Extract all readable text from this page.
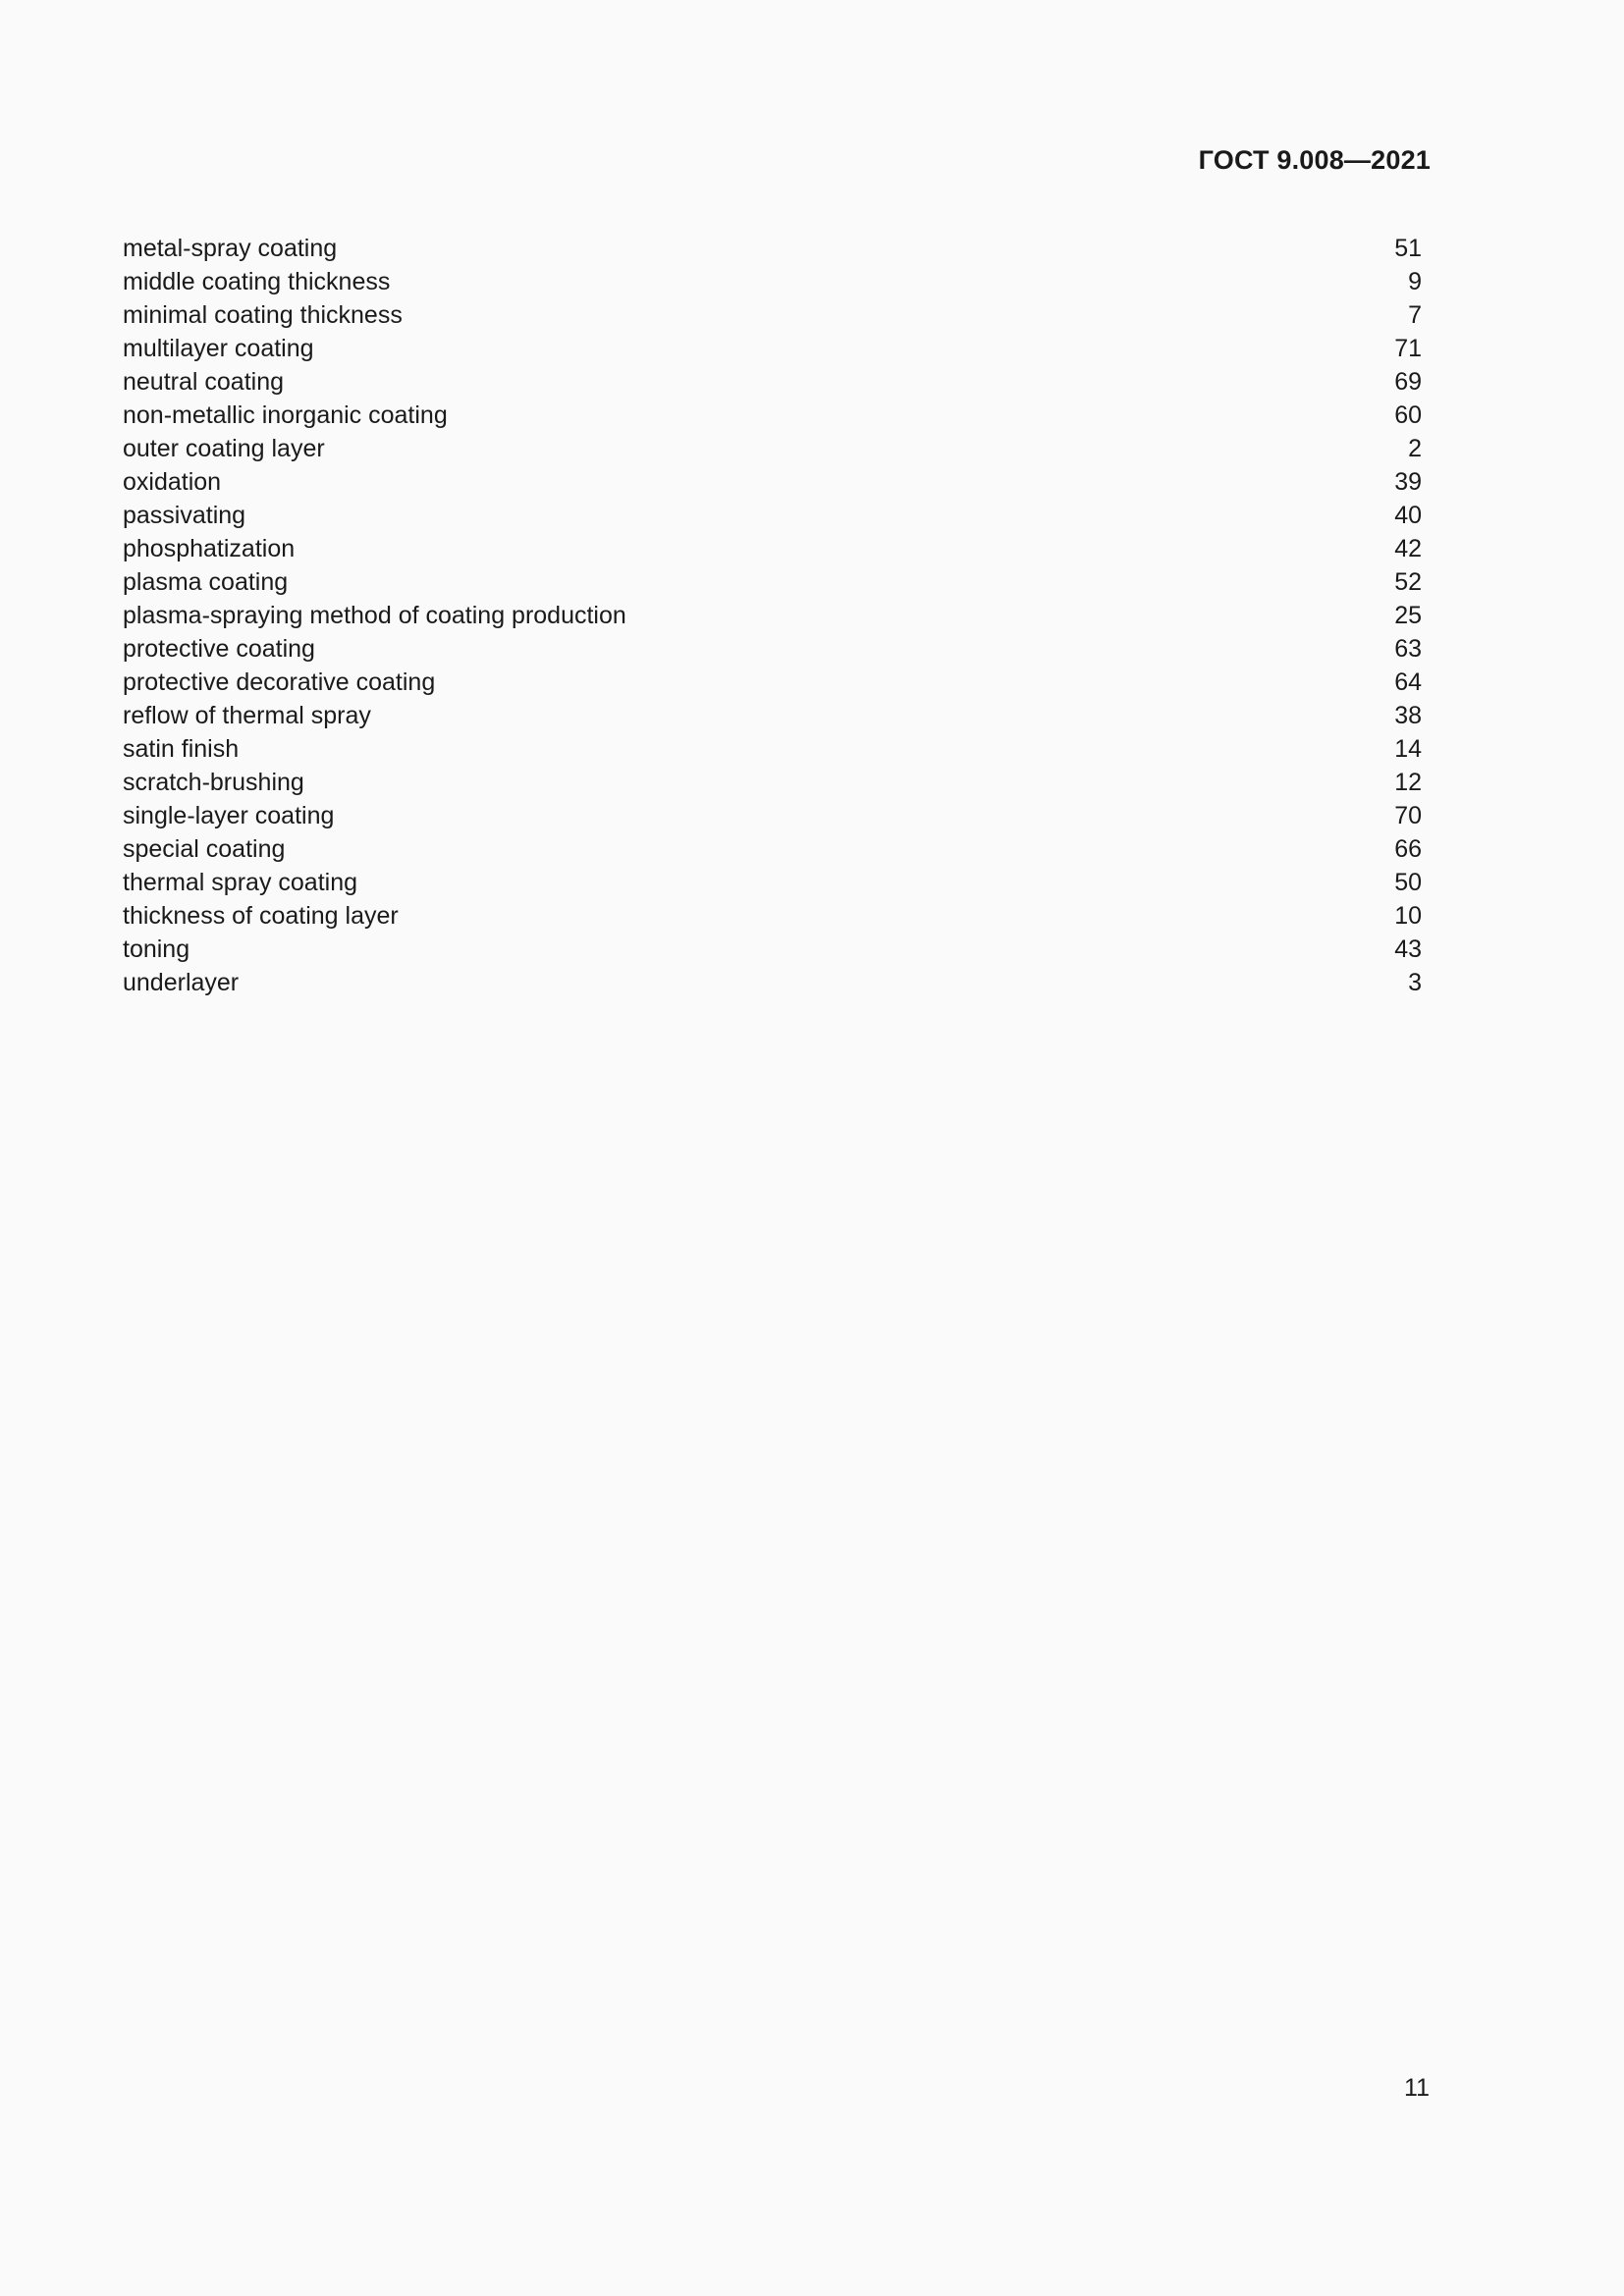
ГОСТ 9.008—2021
metal-spray coating	51
middle coating thickness	9
minimal coating thickness	7
multilayer coating	71
neutral coating	69
non-metallic inorganic coating	60
outer coating layer	2
oxidation	39
passivating	40
phosphatization	42
plasma coating	52
plasma-spraying method of coating production	25
protective coating	63
protective decorative coating	64
reflow of thermal spray	38
satin finish	14
scratch-brushing	12
single-layer coating	70
special coating	66
thermal spray coating	50
thickness of coating layer	10
toning	43
underlayer	3
11
